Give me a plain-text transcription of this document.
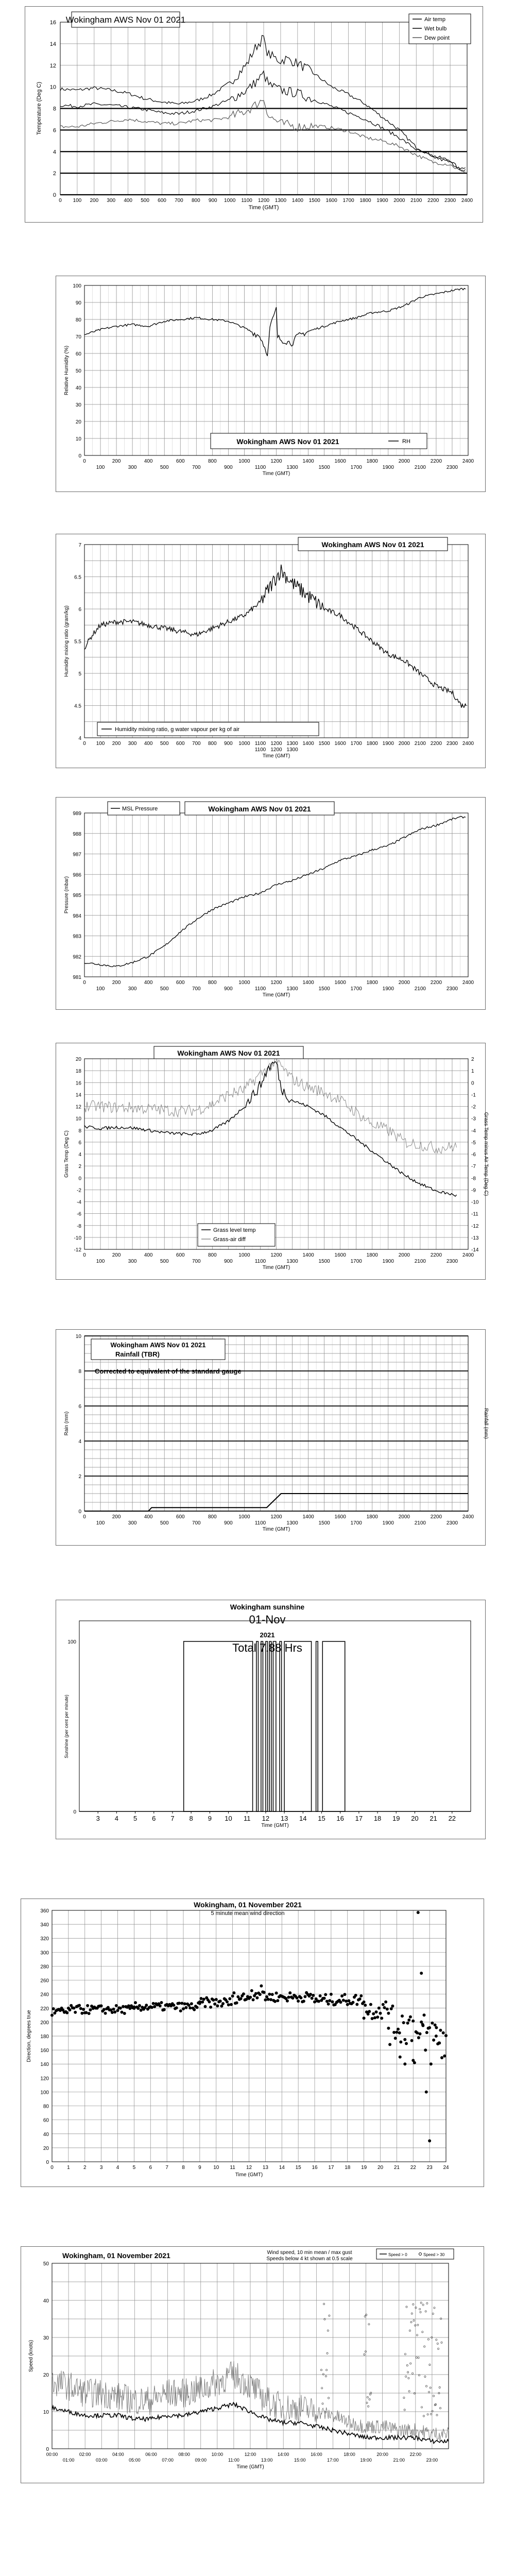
0
2
4
6
8
10
12
14
16
0 100 200 300 400 500 600 700 800 900 1000 1100 1200 1300 1400 1500 1600 1700 1800 1900 2000 2100 2200 2300 2400
Time (GMT)
Temperature (Deg C)
Wokingham AWS Nov 01 2021	Air temp
Wet bulb
Dew point
0
10
20
30
40
50
60
70
80
90
100
0	200	400	600	800	1000	1200	1400	1600	1800	2000	2200	2400
100	300	500	700	900	1100	1300	1500	1700	1900	2100	2300
Time (GMT)
Relative Humidity (%)
Wokingham AWS Nov 01 2021	RH
4
4.5
5
5.5
6
6.5
7
0 100 200 300 400 500 600 700 800 900 1000 1100 1200 1300 1400 1500 1600 1700 1800 1900 2000 2100 2200 2300 2400
1100 1200 1300
Time (GMT)
Humidity mixing ratio (gram/kg)
Wokingham AWS Nov 01 2021
Humidity mixing ratio, g water vapour per kg of air
981
982
983
984
985
986
987
988
989
0	200	400	600	800	1000	1200	1400	1600	1800	2000	2200	2400
100	300	500	700	900	1100	1300	1500	1700	1900	2100	2300
Time (GMT)
Pressure (mbar)
MSL Pressure	Wokingham AWS Nov 01 2021
-12
-10
-8
-6
-4
-2
0
2
4
6
8
10
12
14
16
18
20
-14
-13
-12
-11
-10
-9
-8
-7
-6
-5
-4
-3
-2
-1
0
1
2
0	200	400	600	800	1000	1200	1400	1600	1800	2000	2200	2400
100	300	500	700	900	1100	1300	1500	1700	1900	2100	2300
Time (GMT)
Grass Temp (Deg C)	Grass Temp minus Air Temp (Deg C)
Wokingham AWS Nov 01 2021
Grass level temp
Grass-air diff
0
2
4
6
8
10
0	200	400	600	800	1000	1200	1400	1600	1800	2000	2200	2400
100	300	500	700	900	1100	1300	1500	1700	1900	2100	2300
Time (GMT)
Rain (mm)	Rainfall (mm)
Wokingham AWS Nov 01 2021
Rainfall (TBR)
Corrected to equivalent of the standard gauge
3 4 5 6 7 8 9 10 11 12 13 14 15 16 17 18 19 20 21 22
0
100
Time (GMT)
Sunshine (per cent per minute)
Wokingham sunshine
01-Nov
2021
Total 7.88 Hrs
0
20
40
60
80
100
120
140
160
180
200
220
240
260
280
300
320
340
360
0	1	2	3	4	5	6	7	8	9 10 11 12 13 14 15 16 17 18 19 20 21 22 23 24
Time (GMT)
Direction, degrees true
Wokingham, 01 November 2021
5 minute mean wind direction
0
10
20
30
40
50
00:00	02:00	04:00	06:00	08:00	10:00	12:00	14:00	16:00	18:00	20:00	22:00
01:00	03:00	05:00	07:00	09:00	11:00	13:00	15:00	17:00	19:00	21:00	23:00
Time (GMT)
Speed (knots)
Wokingham, 01 November 2021	Wind speed, 10 min mean / max gust
Speeds below 4 kt shown at 0.5 scale
Speed > 0	Speed > 30
